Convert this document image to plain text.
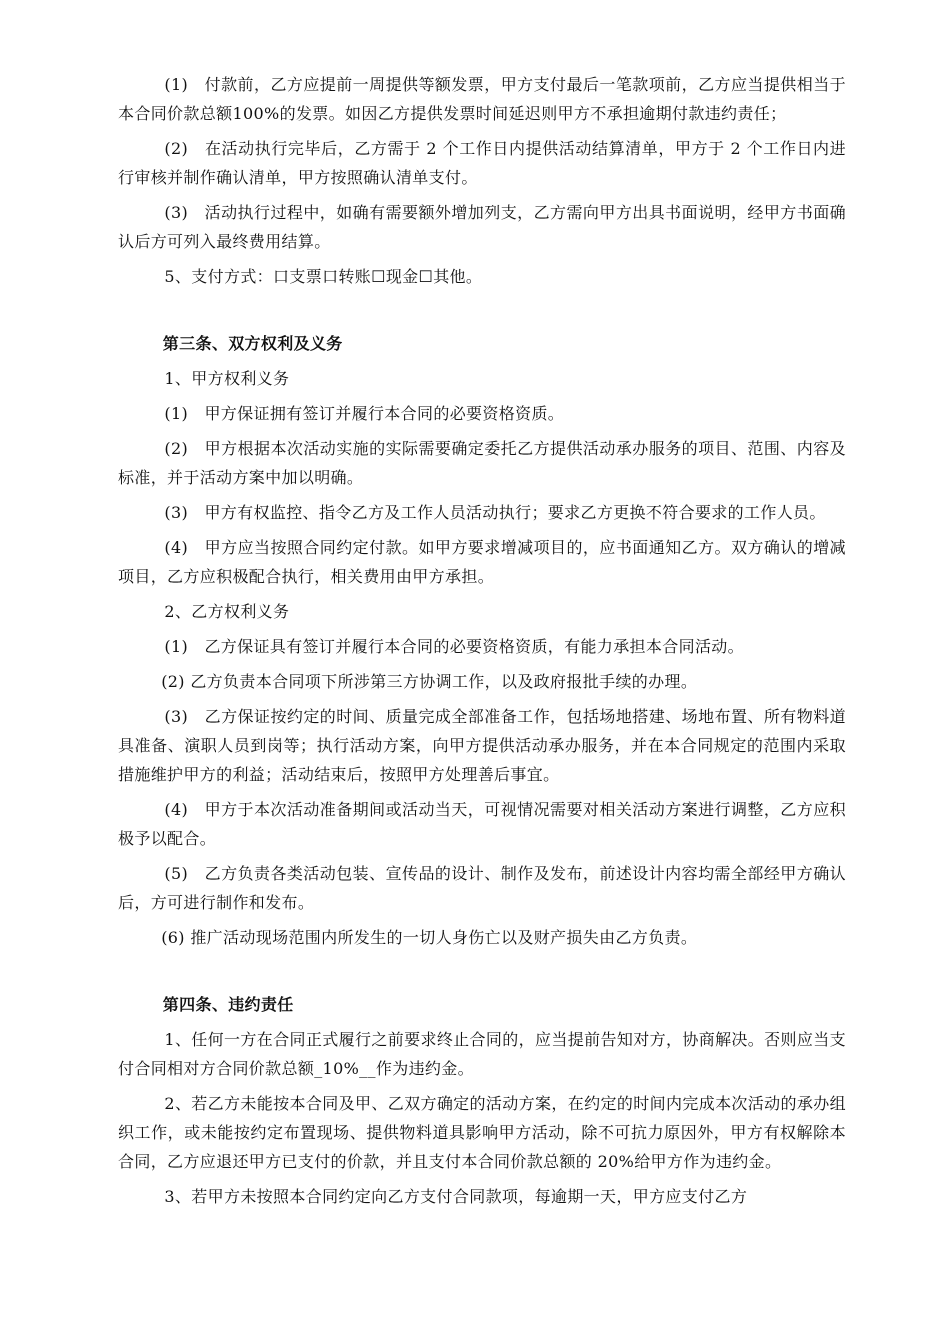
(1)　付款前，乙方应提前一周提供等额发票，甲方支付最后一笔款项前，乙方应当提供相当于本合同价款总额100%的发票。如因乙方提供发票时间延迟则甲方不承担逾期付款违约责任；

(2)　在活动执行完毕后，乙方需于 2 个工作日内提供活动结算清单，甲方于 2 个工作日内进行审核并制作确认清单，甲方按照确认清单支付。

(3)　活动执行过程中，如确有需要额外增加列支，乙方需向甲方出具书面说明，经甲方书面确认后方可列入最终费用结算。

5、支付方式：口支票口转账☐现金☐其他。

第三条、双方权利及义务

1、甲方权利义务

(1)　甲方保证拥有签订并履行本合同的必要资格资质。

(2)　甲方根据本次活动实施的实际需要确定委托乙方提供活动承办服务的项目、范围、内容及标准，并于活动方案中加以明确。

(3)　甲方有权监控、指令乙方及工作人员活动执行；要求乙方更换不符合要求的工作人员。

(4)　甲方应当按照合同约定付款。如甲方要求增减项目的，应书面通知乙方。双方确认的增减项目，乙方应积极配合执行，相关费用由甲方承担。

2、乙方权利义务

(1)　乙方保证具有签订并履行本合同的必要资格资质，有能力承担本合同活动。

(2) 乙方负责本合同项下所涉第三方协调工作，以及政府报批手续的办理。

(3)　乙方保证按约定的时间、质量完成全部准备工作，包括场地搭建、场地布置、所有物料道具准备、演职人员到岗等；执行活动方案，向甲方提供活动承办服务，并在本合同规定的范围内采取措施维护甲方的利益；活动结束后，按照甲方处理善后事宜。

(4)　甲方于本次活动准备期间或活动当天，可视情况需要对相关活动方案进行调整，乙方应积极予以配合。

(5)　乙方负责各类活动包装、宣传品的设计、制作及发布，前述设计内容均需全部经甲方确认后，方可进行制作和发布。

(6) 推广活动现场范围内所发生的一切人身伤亡以及财产损失由乙方负责。

第四条、违约责任

1、任何一方在合同正式履行之前要求终止合同的，应当提前告知对方，协商解决。否则应当支付合同相对方合同价款总额_10%__作为违约金。

2、若乙方未能按本合同及甲、乙双方确定的活动方案，在约定的时间内完成本次活动的承办组织工作，或未能按约定布置现场、提供物料道具影响甲方活动，除不可抗力原因外，甲方有权解除本合同，乙方应退还甲方已支付的价款，并且支付本合同价款总额的 20%给甲方作为违约金。

3、若甲方未按照本合同约定向乙方支付合同款项，每逾期一天，甲方应支付乙方
